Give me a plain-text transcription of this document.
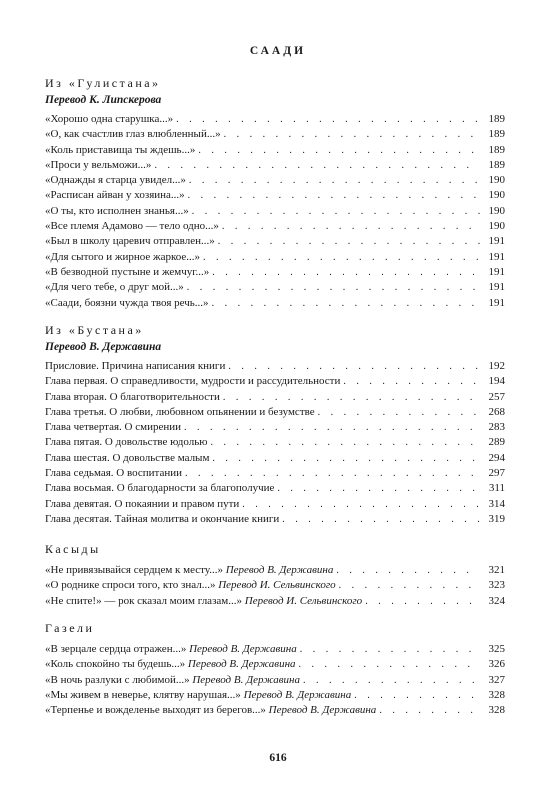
СААДИ
Из «Гулистана»
Перевод К. Липскерова
«Хорошо одна старушка...» . . .	189
«О, как счастлив глаз влюбленный...» . . .	189
«Коль приставища ты ждешь...» . . .	189
«Проси у вельможи...» . . .	189
«Однажды я старца увидел...» . . .	190
«Расписан айван у хозяина...» . . .	190
«О ты, кто исполнен знанья...» . . .	190
«Все племя Адамово — тело одно...» . . .	190
«Был в школу царевич отправлен...» . . .	191
«Для сытого и жирное жаркое...» . . .	191
«В безводной пустыне и жемчуг...» . . .	191
«Для чего тебе, о друг мой...» . . .	191
«Саади, боязни чужда твоя речь...» . . .	191
Из «Бустана»
Перевод В. Державина
Присловие. Причина написания книги . . .	192
Глава первая. О справедливости, мудрости и рассудительности . . .	194
Глава вторая. О благотворительности . . .	257
Глава третья. О любви, любовном опьянении и безумстве . . .	268
Глава четвертая. О смирении . . .	283
Глава пятая. О довольстве юдолью . . .	289
Глава шестая. О довольстве малым . . .	294
Глава седьмая. О воспитании . . .	297
Глава восьмая. О благодарности за благополучие . . .	311
Глава девятая. О покаянии и правом пути . . .	314
Глава десятая. Тайная молитва и окончание книги . . .	319
Касыды
«Не привязывайся сердцем к месту...» Перевод В. Державина . . .	321
«О роднике спроси того, кто знал...» Перевод И. Сельвинского . . .	323
«Не спите!» — рок сказал моим глазам...» Перевод И. Сельвинского . . .	324
Газели
«В зерцале сердца отражен...» Перевод В. Державина . . .	325
«Коль спокойно ты будешь...» Перевод В. Державина . . .	326
«В ночь разлуки с любимой...» Перевод В. Державина . . .	327
«Мы живем в неверье, клятву нарушая...» Перевод В. Державина . . .	328
«Терпенье и вожделенье выходят из берегов...» Перевод В. Державина . . .	328
616
